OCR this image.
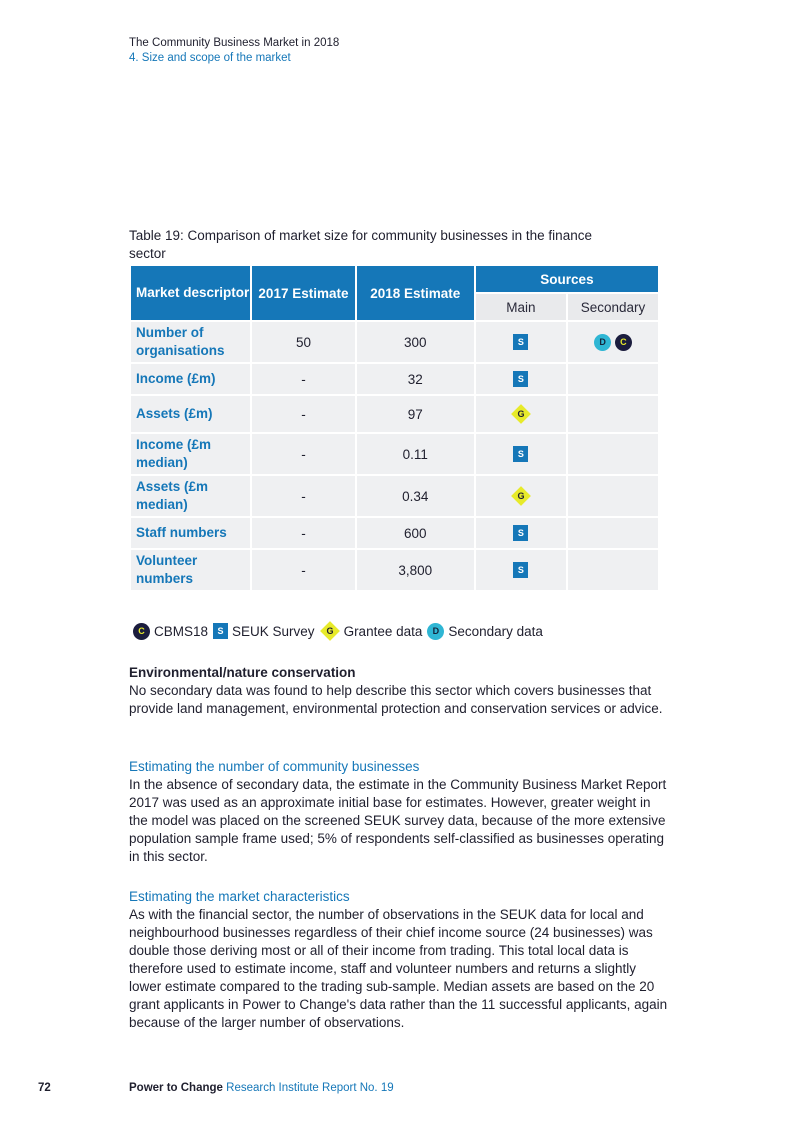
The Community Business Market in 2018
4. Size and scope of the market
Table 19: Comparison of market size for community businesses in the finance sector
Market descriptor	2017 Estimate	2018 Estimate	Sources	
			Main	Secondary
Number of organisations	50	300	S	D C
Income (£m)	-	32	S	
Assets (£m)	-	97	G	

Income (£m median)	-	0.11	S	
Assets (£m median)	-	0.34	G	

Staff numbers	-	600	S	
Volunteer numbers	-	3,800	S	
C CBMS18	S SEUK Survey	G Grantee data	D Secondary data
Environmental/nature conservation
No secondary data was found to help describe this sector which covers businesses that provide land management, environmental protection and conservation services or advice.
Estimating the number of community businesses
In the absence of secondary data, the estimate in the Community Business Market Report 2017 was used as an approximate initial base for estimates. However, greater weight in the model was placed on the screened SEUK survey data, because of the more extensive population sample frame used; 5% of respondents self-classified as businesses operating in this sector.
Estimating the market characteristics
As with the financial sector, the number of observations in the SEUK data for local and neighbourhood businesses regardless of their chief income source (24 businesses) was double those deriving most or all of their income from trading. This total local data is therefore used to estimate income, staff and volunteer numbers and returns a slightly lower estimate compared to the trading sub-sample. Median assets are based on the 20 grant applicants in Power to Change's data rather than the 11 successful applicants, again because of the larger number of observations.
72	Power to Change Research Institute Report No. 19
